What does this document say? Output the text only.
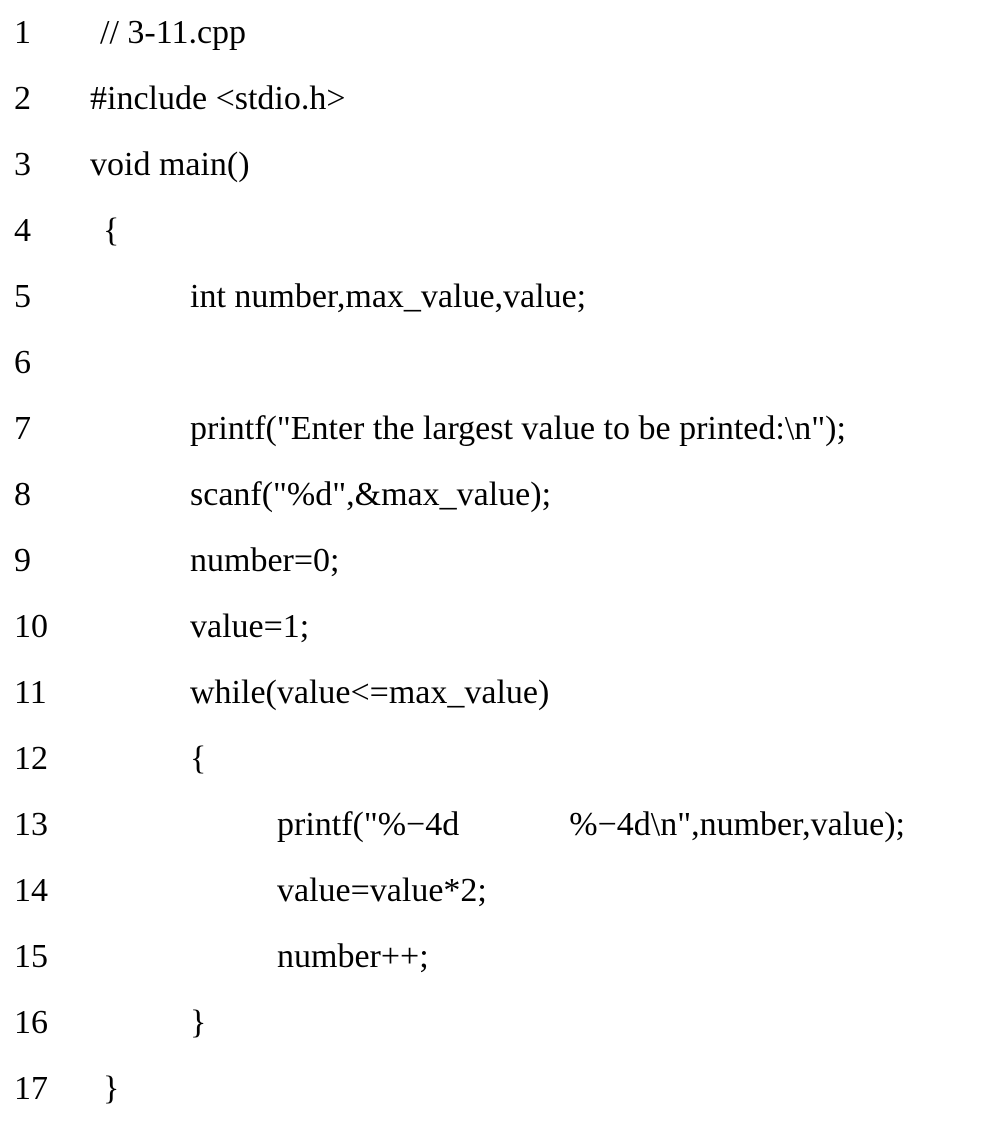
1 // 3-11.cpp
2 #include <stdio.h>
3 void main()
4 {
5	int number,max_value,value;
6
7	printf("Enter the largest value to be printed:\n");
8	scanf("%d",&max_value);
9	number=0;
10	value=1;
11	while(value<=max_value)
12	{
13	printf("%−4d	%−4d\n",number,value);
14	value=value*2;
15	number++;
16	}
17 }
